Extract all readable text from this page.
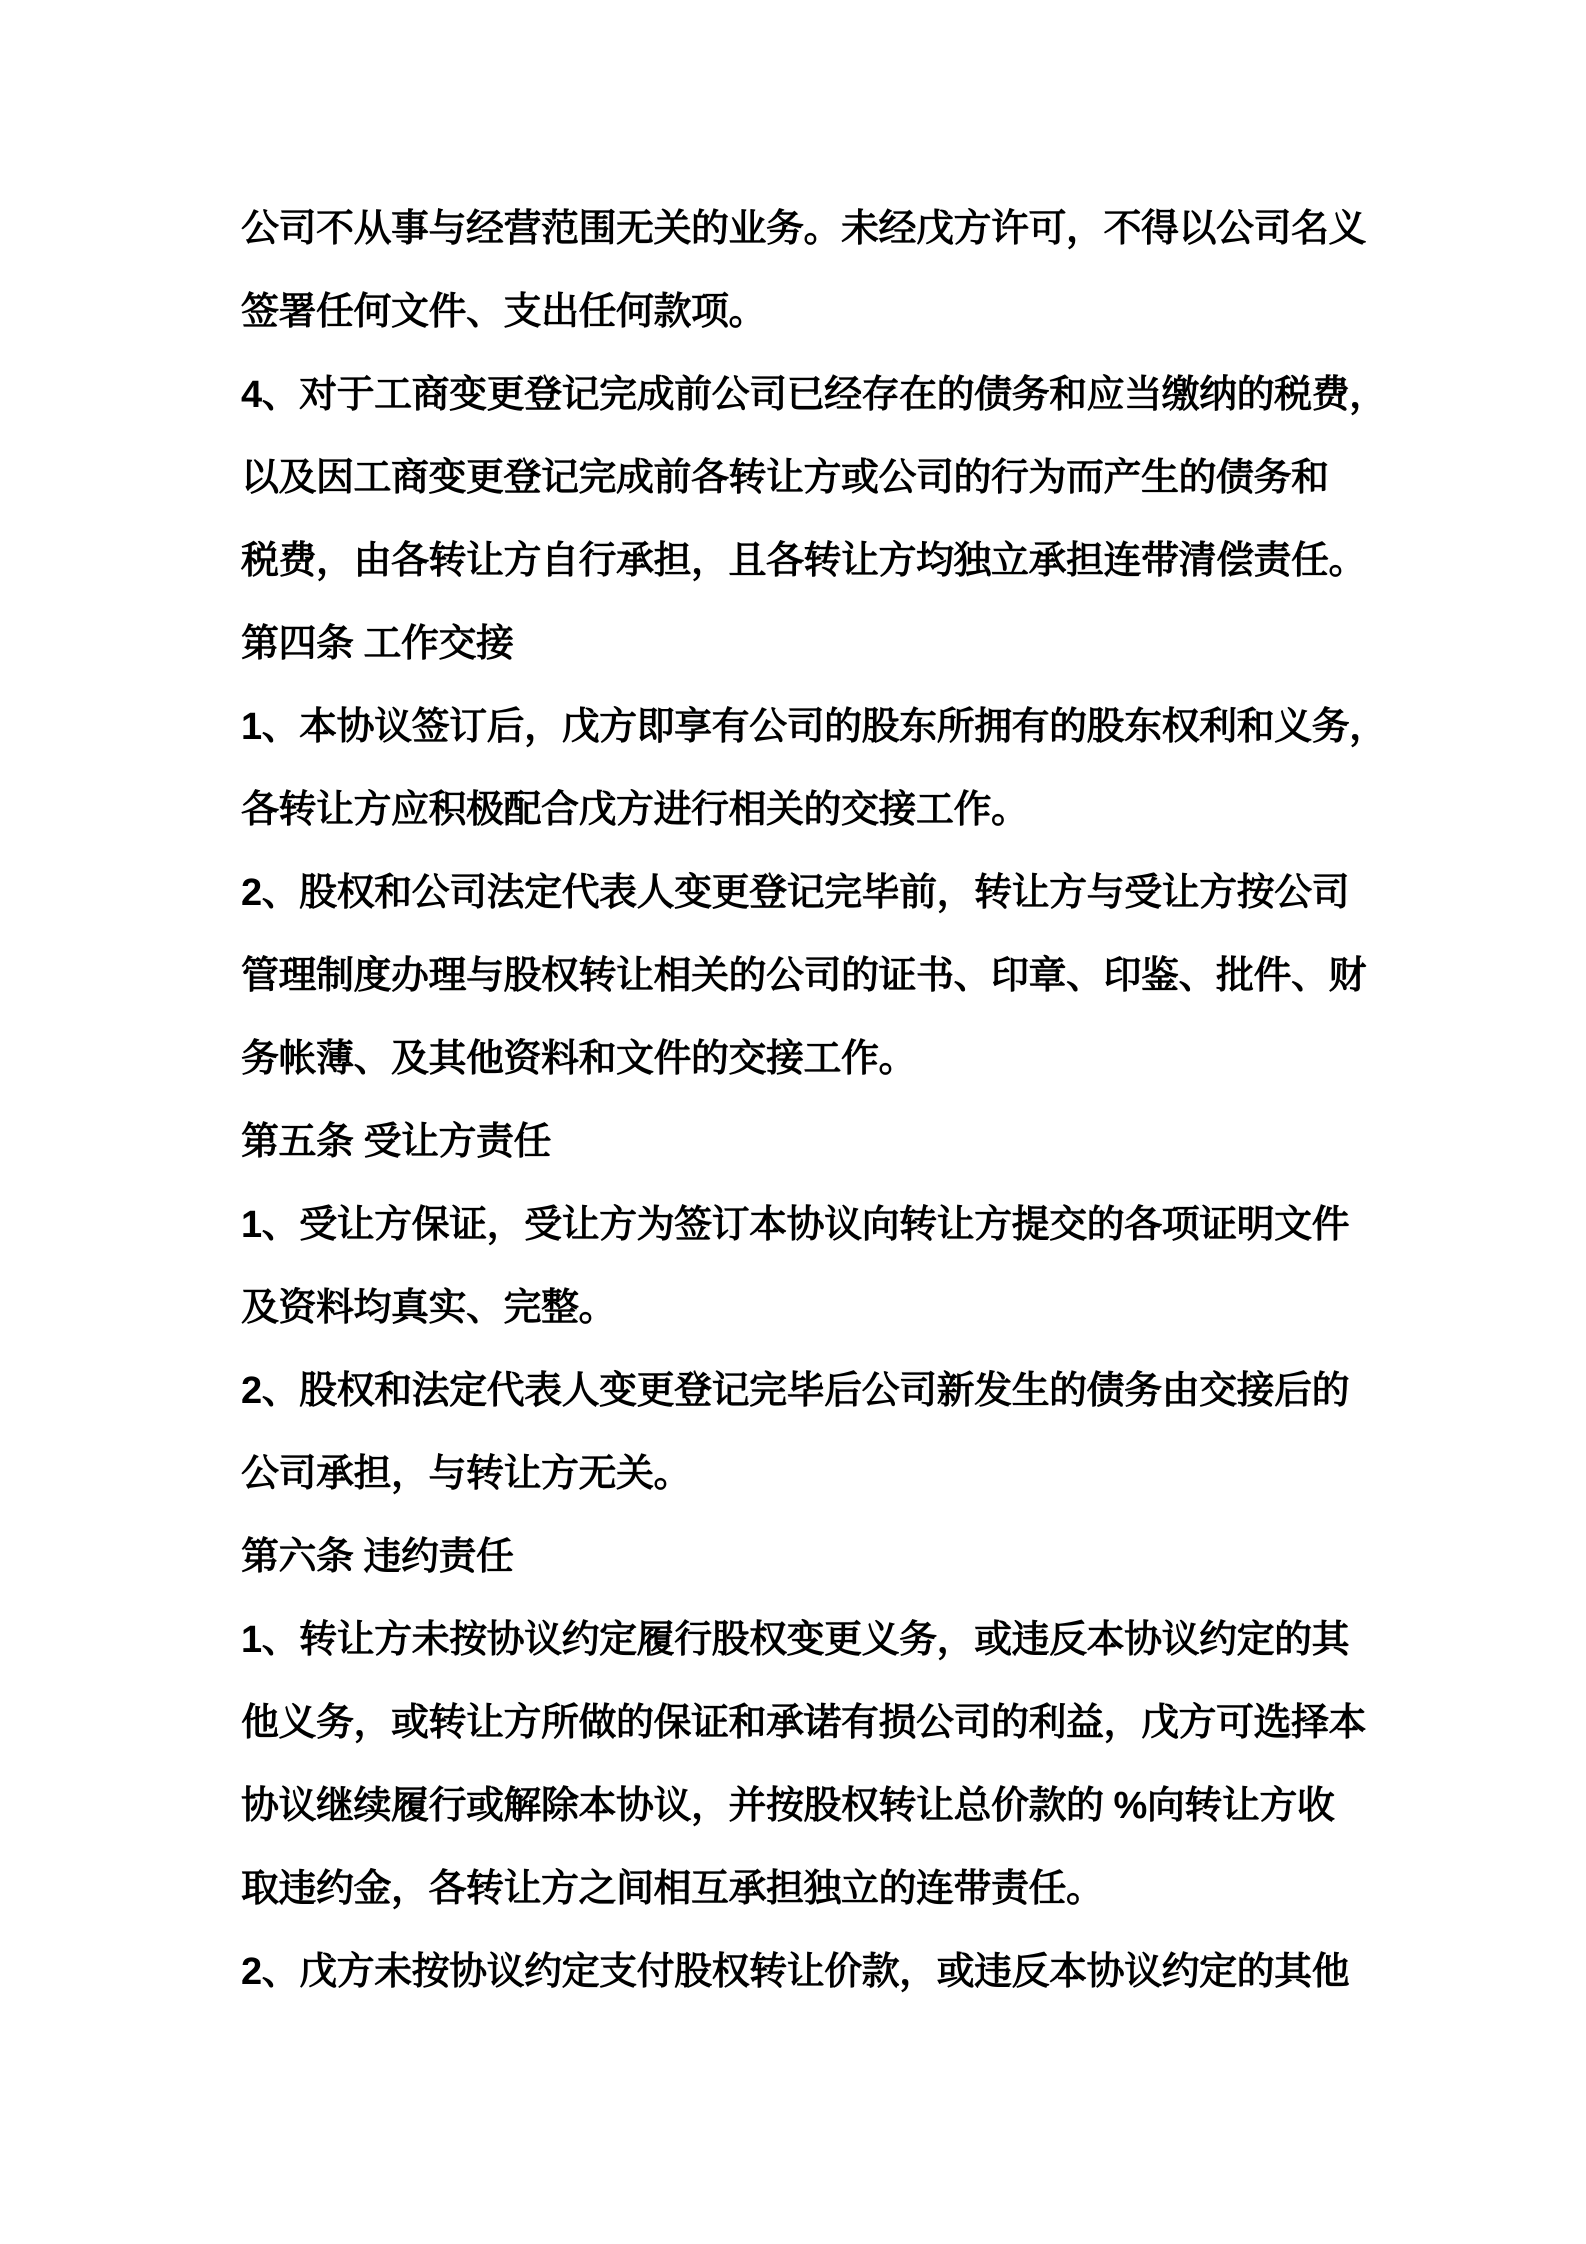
公司不从事与经营范围无关的业务。未经戊方许可，不得以公司名义
签署任何文件、支出任何款项。
4、对于工商变更登记完成前公司已经存在的债务和应当缴纳的税费，
以及因工商变更登记完成前各转让方或公司的行为而产生的债务和
税费，由各转让方自行承担，且各转让方均独立承担连带清偿责任。
第四条 工作交接
1、本协议签订后，戊方即享有公司的股东所拥有的股东权利和义务，
各转让方应积极配合戊方进行相关的交接工作。
2、股权和公司法定代表人变更登记完毕前，转让方与受让方按公司
管理制度办理与股权转让相关的公司的证书、印章、印鉴、批件、财
务帐薄、及其他资料和文件的交接工作。
第五条 受让方责任
1、受让方保证，受让方为签订本协议向转让方提交的各项证明文件
及资料均真实、完整。
2、股权和法定代表人变更登记完毕后公司新发生的债务由交接后的
公司承担，与转让方无关。
第六条 违约责任
1、转让方未按协议约定履行股权变更义务，或违反本协议约定的其
他义务，或转让方所做的保证和承诺有损公司的利益，戊方可选择本
协议继续履行或解除本协议，并按股权转让总价款的 %向转让方收
取违约金，各转让方之间相互承担独立的连带责任。
2、戊方未按协议约定支付股权转让价款，或违反本协议约定的其他
